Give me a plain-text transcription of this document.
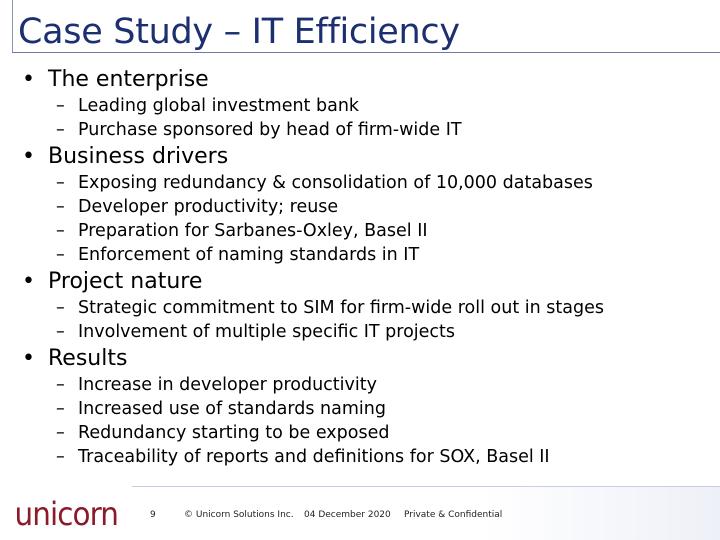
Case Study – IT Efficiency
• The enterprise
– Leading global investment bank
– Purchase sponsored by head of firm-wide IT
• Business drivers
– Exposing redundancy & consolidation of 10,000 databases
– Developer productivity; reuse
– Preparation for Sarbanes-Oxley, Basel II
– Enforcement of naming standards in IT
• Project nature
– Strategic commitment to SIM for firm-wide roll out in stages
– Involvement of multiple specific IT projects
• Results
– Increase in developer productivity
– Increased use of standards naming
– Redundancy starting to be exposed
– Traceability of reports and definitions for SOX, Basel II
unicorn	9	© Unicorn Solutions Inc. 04 December 2020 Private & Confidential
